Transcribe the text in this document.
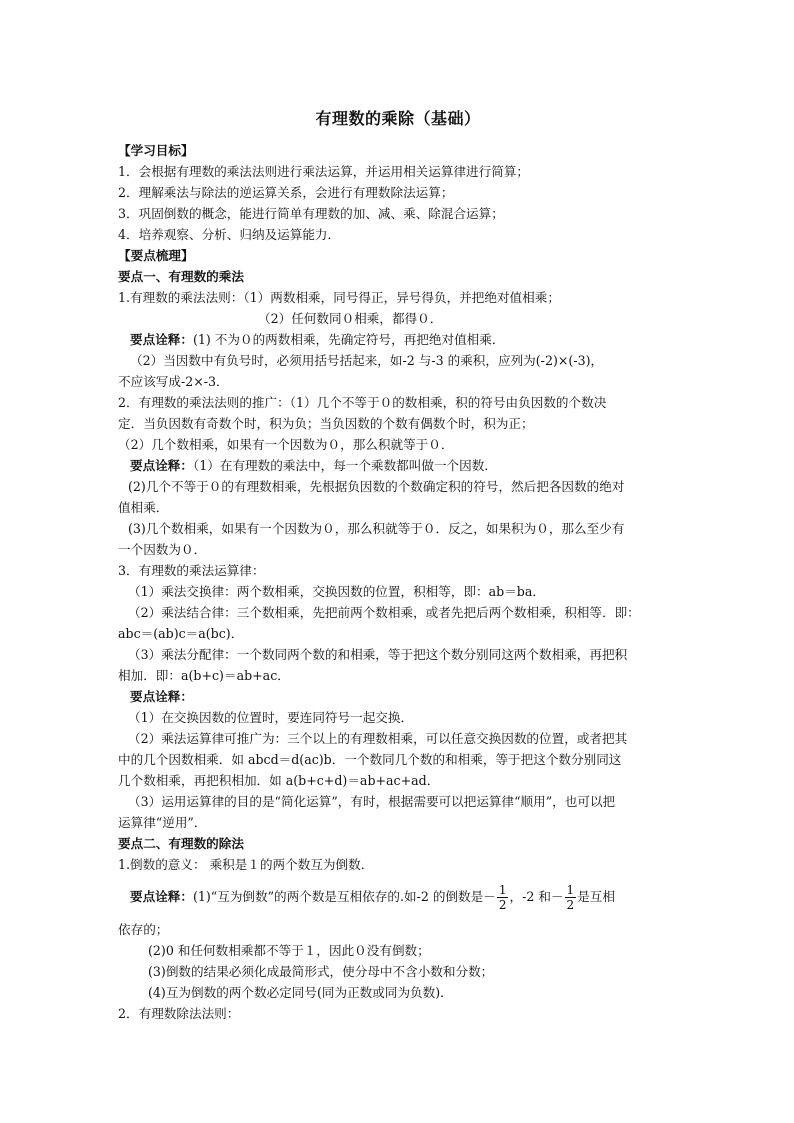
有理数的乘除（基础）
【学习目标】
1．会根据有理数的乘法法则进行乘法运算，并运用相关运算律进行简算；
2．理解乘法与除法的逆运算关系，会进行有理数除法运算；
3．巩固倒数的概念，能进行简单有理数的加、减、乘、除混合运算；
4．培养观察、分析、归纳及运算能力．
【要点梳理】
要点一、有理数的乘法
1.有理数的乘法法则：（1）两数相乘，同号得正，异号得负，并把绝对值相乘；
（2）任何数同０相乘，都得０．
要点诠释：(1) 不为０的两数相乘，先确定符号，再把绝对值相乘．
（2）当因数中有负号时，必须用括号括起来，如-2 与-3 的乘积，应列为(-2)×(-3)，
不应该写成-2×-3．
2．有理数的乘法法则的推广：（1）几个不等于０的数相乘，积的符号由负因数的个数决
定．当负因数有奇数个时，积为负；当负因数的个数有偶数个时，积为正；
（2）几个数相乘，如果有一个因数为０，那么积就等于０．
要点诠释：（1）在有理数的乘法中，每一个乘数都叫做一个因数．
(2)几个不等于０的有理数相乘，先根据负因数的个数确定积的符号，然后把各因数的绝对
值相乘．
(3)几个数相乘，如果有一个因数为０，那么积就等于０．反之，如果积为０，那么至少有
一个因数为０．
3．有理数的乘法运算律：
（1）乘法交换律：两个数相乘，交换因数的位置，积相等，即：ab＝ba．
（2）乘法结合律：三个数相乘，先把前两个数相乘，或者先把后两个数相乘，积相等．即：
abc＝(ab)c＝a(bc)．
（3）乘法分配律：一个数同两个数的和相乘，等于把这个数分别同这两个数相乘，再把积
相加．即：a(b+c)＝ab+ac．
要点诠释：
（1）在交换因数的位置时，要连同符号一起交换．
（2）乘法运算律可推广为：三个以上的有理数相乘，可以任意交换因数的位置，或者把其
中的几个因数相乘．如 abcd＝d(ac)b．一个数同几个数的和相乘，等于把这个数分别同这
几个数相乘，再把积相加．如 a(b+c+d)＝ab+ac+ad．
（3）运用运算律的目的是“简化运算”，有时，根据需要可以把运算律“顺用”，也可以把
运算律“逆用”．
要点二、有理数的除法
1.倒数的意义： 乘积是１的两个数互为倒数．
要点诠释：(1)“互为倒数”的两个数是互相依存的.如-2 的倒数是－ $\frac{1}{2}$ ，-2 和－ $\frac{1}{2}$ 是互相
依存的；
(2)0 和任何数相乘都不等于１，因此０没有倒数；
(3)倒数的结果必须化成最简形式，使分母中不含小数和分数；
(4)互为倒数的两个数必定同号(同为正数或同为负数)．
2．有理数除法法则：
